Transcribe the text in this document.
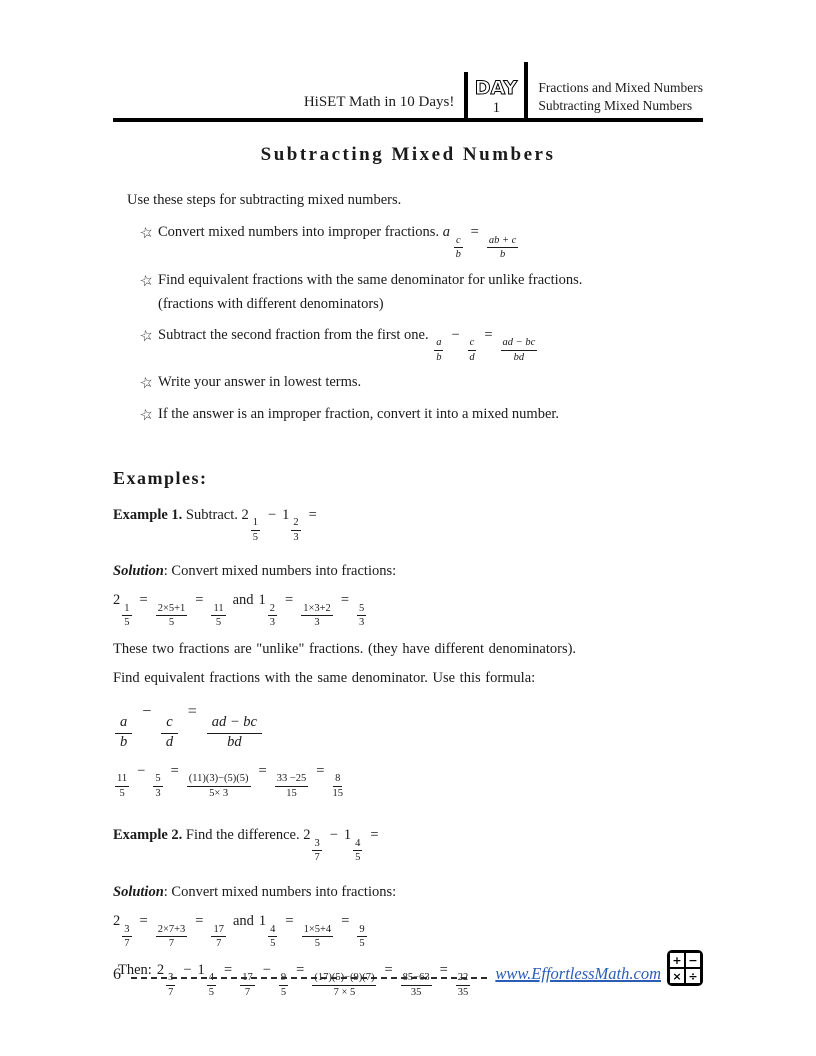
HiSET Math in 10 Days!
DAY
1
Fractions and Mixed Numbers
Subtracting Mixed Numbers
Subtracting Mixed Numbers
Use these steps for subtracting mixed numbers.
☆ Convert mixed numbers into improper fractions. a
$\frac{c}{b}$
=
$\frac{ab + c}{b}$
☆ Find equivalent fractions with the same denominator for unlike fractions.
(fractions with different denominators)
☆ Subtract the second fraction from the first one.
$\frac{a}{b}$
−
$\frac{c}{d}$
=
$\frac{ad - bc}{bd}$
☆ Write your answer in lowest terms.
☆ If the answer is an improper fraction, convert it into a mixed number.
Examples:
Example 1. Subtract. 2
$\frac{1}{5}$
− 1
$\frac{2}{3}$
=
Solution: Convert mixed numbers into fractions:
2
$\frac{1}{5}$
=
$\frac{2\times 5+1}{5}$
=
$\frac{11}{5}$
and 1
$\frac{2}{3}$
=
$\frac{1\times 3+2}{3}$
=
$\frac{5}{3}$
These two fractions are "unlike" fractions. (they have different denominators).
Find equivalent fractions with the same denominator. Use this formula:
$\frac{a}{b}$
−
$\frac{c}{d}$
=
$\frac{ad - bc}{bd}$
$\frac{11}{5}$
−
$\frac{5}{3}$
=
$\frac{(11)(3)-(5)(5)}{5\times 3}$
=
$\frac{33 -25}{15}$
=
$\frac{8}{15}$
Example 2. Find the difference. 2
$\frac{3}{7}$
− 1
$\frac{4}{5}$
=
Solution: Convert mixed numbers into fractions:
2
$\frac{3}{7}$
=
$\frac{2\times 7+3}{7}$
=
$\frac{17}{7}$
and 1
$\frac{4}{5}$
=
$\frac{1\times 5+4}{5}$
=
$\frac{9}{5}$
Then: 2
$\frac{3}{7}$
− 1
$\frac{4}{5}$
=
$\frac{17}{7}$
−
$\frac{9}{5}$
=
$\frac{(17)(5)-(9)(7)}{7 \times 5}$
=
$\frac{85-63}{35}$
=
$\frac{22}{35}$
6	www.EffortlessMath.com
+ −
× ÷
